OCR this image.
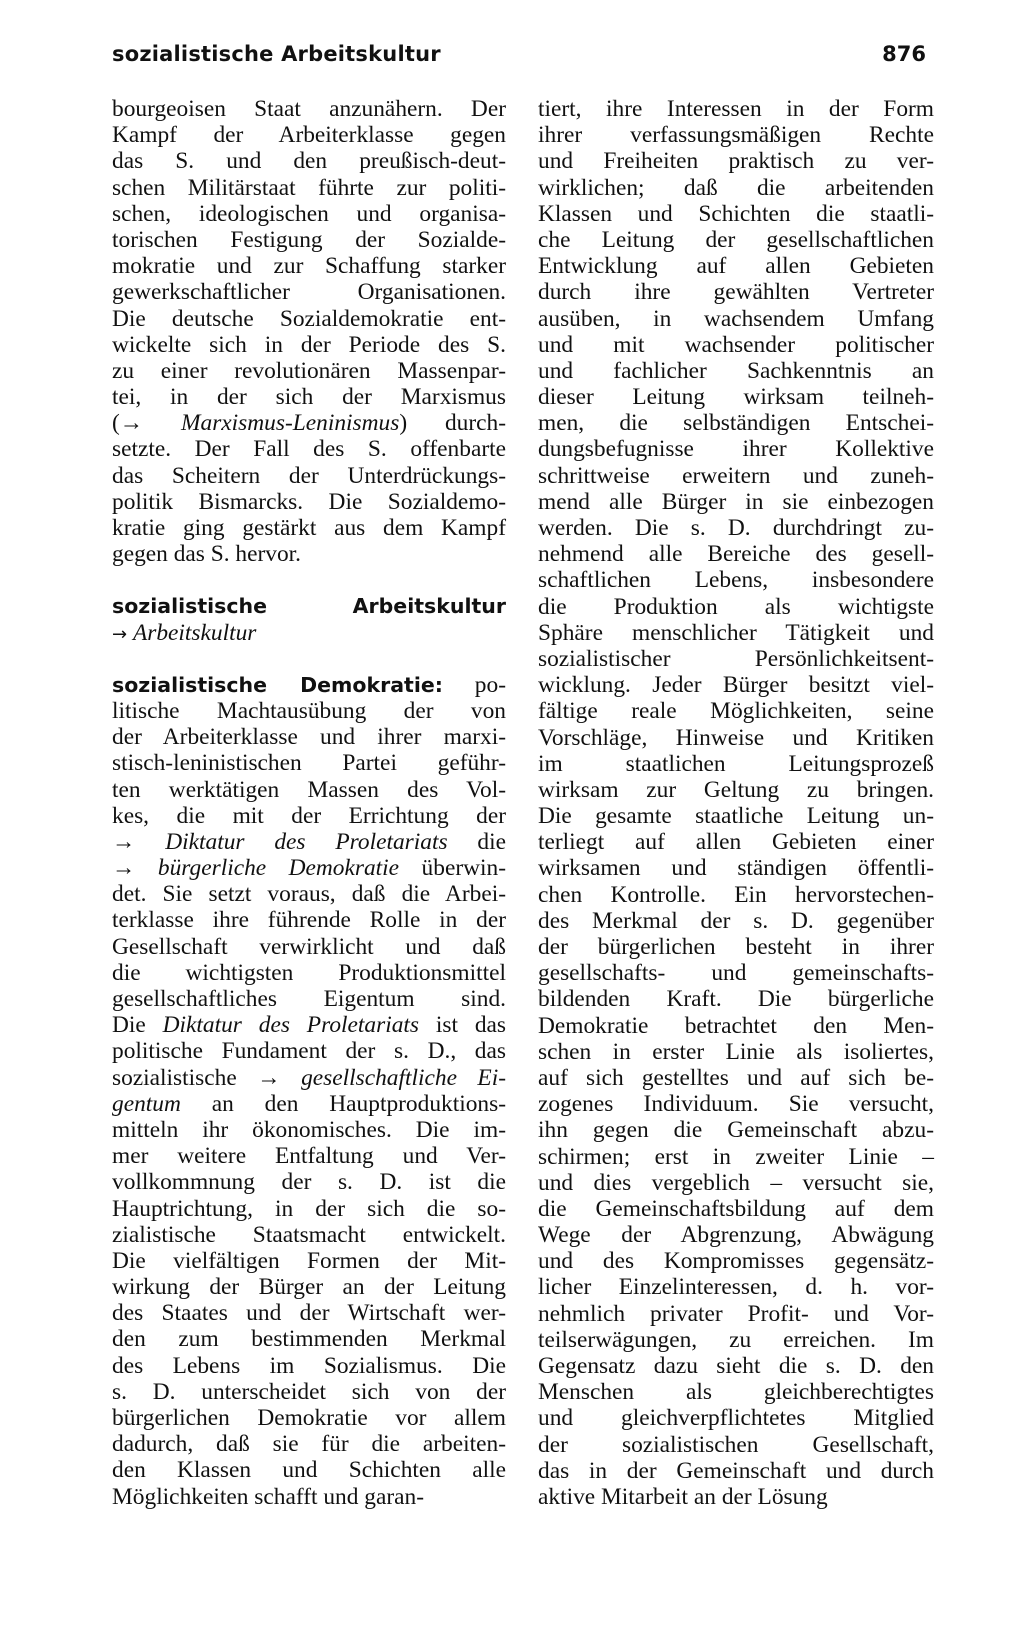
sozialistische Arbeitskultur	876
bourgeoisen Staat anzunähern. Der
Kampf der Arbeiterklasse gegen
das S. und den preußisch-deut-
schen Militärstaat führte zur politi-
schen, ideologischen und organisa-
torischen Festigung der Sozialde-
mokratie und zur Schaffung starker
gewerkschaftlicher Organisationen.
Die deutsche Sozialdemokratie ent-
wickelte sich in der Periode des S.
zu einer revolutionären Massenpar-
tei, in der sich der Marxismus
(→ Marxismus-Leninismus) durch-
setzte. Der Fall des S. offenbarte
das Scheitern der Unterdrückungs-
politik Bismarcks. Die Sozialdemo-
kratie ging gestärkt aus dem Kampf
gegen das S. hervor.
sozialistische	Arbeitskultur
→ Arbeitskultur
sozialistische Demokratie: po-
litische Machtausübung der von
der Arbeiterklasse und ihrer marxi-
stisch-leninistischen Partei geführ-
ten werktätigen Massen des Vol-
kes, die mit der Errichtung der
→ Diktatur des Proletariats die
→ bürgerliche Demokratie überwin-
det. Sie setzt voraus, daß die Arbei-
terklasse ihre führende Rolle in der
Gesellschaft verwirklicht und daß
die wichtigsten Produktionsmittel
gesellschaftliches Eigentum sind.
Die Diktatur des Proletariats ist das
politische Fundament der s. D., das
sozialistische → gesellschaftliche Ei-
gentum an den Hauptproduktions-
mitteln ihr ökonomisches. Die im-
mer weitere Entfaltung und Ver-
vollkommnung der s. D. ist die
Hauptrichtung, in der sich die so-
zialistische Staatsmacht entwickelt.
Die vielfältigen Formen der Mit-
wirkung der Bürger an der Leitung
des Staates und der Wirtschaft wer-
den zum bestimmenden Merkmal
des Lebens im Sozialismus. Die
s. D. unterscheidet sich von der
bürgerlichen Demokratie vor allem
dadurch, daß sie für die arbeiten-
den Klassen und Schichten alle
Möglichkeiten schafft und garan-
tiert, ihre Interessen in der Form
ihrer verfassungsmäßigen Rechte
und Freiheiten praktisch zu ver-
wirklichen; daß die arbeitenden
Klassen und Schichten die staatli-
che Leitung der gesellschaftlichen
Entwicklung auf allen Gebieten
durch ihre gewählten Vertreter
ausüben, in wachsendem Umfang
und mit wachsender politischer
und fachlicher Sachkenntnis an
dieser Leitung wirksam teilneh-
men, die selbständigen Entschei-
dungsbefugnisse ihrer Kollektive
schrittweise erweitern und zuneh-
mend alle Bürger in sie einbezogen
werden. Die s. D. durchdringt zu-
nehmend alle Bereiche des gesell-
schaftlichen Lebens, insbesondere
die Produktion als wichtigste
Sphäre menschlicher Tätigkeit und
sozialistischer Persönlichkeitsent-
wicklung. Jeder Bürger besitzt viel-
fältige reale Möglichkeiten, seine
Vorschläge, Hinweise und Kritiken
im staatlichen Leitungsprozeß
wirksam zur Geltung zu bringen.
Die gesamte staatliche Leitung un-
terliegt auf allen Gebieten einer
wirksamen und ständigen öffentli-
chen Kontrolle. Ein hervorstechen-
des Merkmal der s. D. gegenüber
der bürgerlichen besteht in ihrer
gesellschafts- und gemeinschafts-
bildenden Kraft. Die bürgerliche
Demokratie betrachtet den Men-
schen in erster Linie als isoliertes,
auf sich gestelltes und auf sich be-
zogenes Individuum. Sie versucht,
ihn gegen die Gemeinschaft abzu-
schirmen; erst in zweiter Linie –
und dies vergeblich – versucht sie,
die Gemeinschaftsbildung auf dem
Wege der Abgrenzung, Abwägung
und des Kompromisses gegensätz-
licher Einzelinteressen, d. h. vor-
nehmlich privater Profit- und Vor-
teilserwägungen, zu erreichen. Im
Gegensatz dazu sieht die s. D. den
Menschen als gleichberechtigtes
und gleichverpflichtetes Mitglied
der sozialistischen Gesellschaft,
das in der Gemeinschaft und durch
aktive Mitarbeit an der Lösung
